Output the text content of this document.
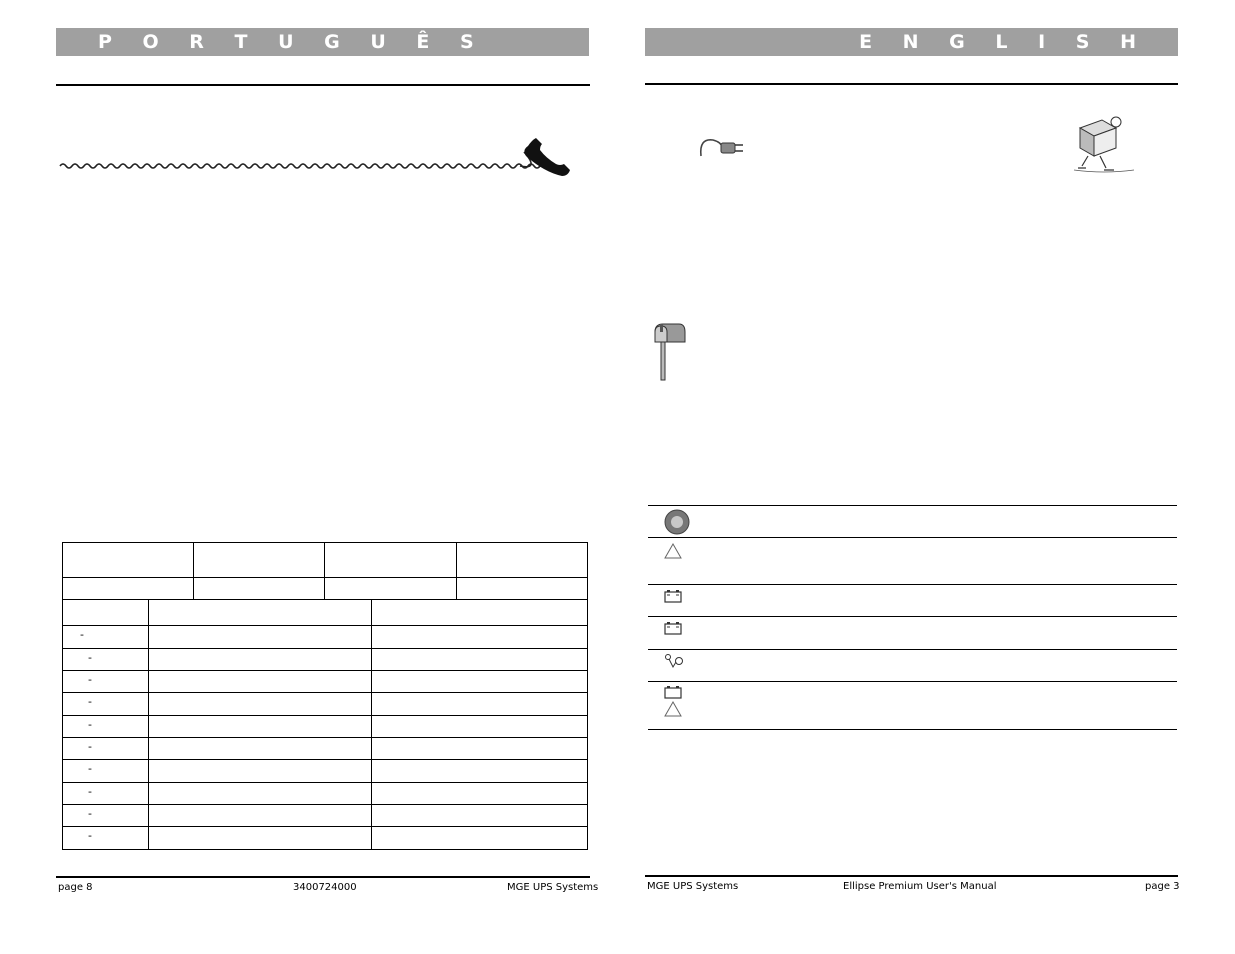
P O R T U G U Ê S
-
-
-
-
-
-
-
-
-
-
page 8	3400724000	MGE UPS Systems
E N G L I S H
MGE UPS Systems	Ellipse Premium User's Manual	page 3
